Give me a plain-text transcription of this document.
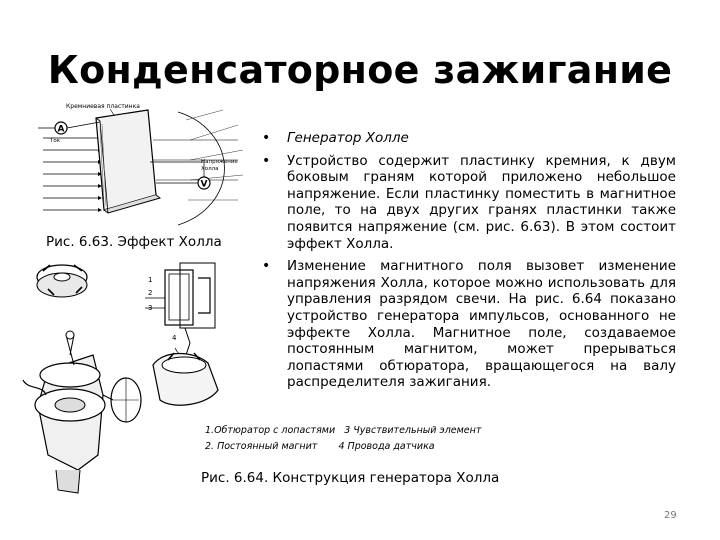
Конденсаторное зажигание
Кремниевая пластинка
A
Ток
V
Напряжение
Холла
Рис. 6.63. Эффект Холла
1
2
3
4
1.Обтюратор с лопастями 3 Чувствительный элемент
2. Постоянный магнит 4 Провода датчика
Рис. 6.64. Конструкция генератора Холла
• Генератор Холле
• Устройство содержит пластинку кремния, к двум боковым граням которой приложено небольшое напряжение. Если пластинку поместить в магнитное поле, то на двух других гранях пластинки также появится напряжение (см. рис. 6.63). В этом состоит эффект Холла.
• Изменение магнитного поля вызовет изменение напряжения Холла, которое можно использовать для управления разрядом свечи. На рис. 6.64 показано устройство генератора импульсов, основанного не эффекте Холла. Магнитное поле, создаваемое постоянным магнитом, может прерываться лопастями обтюратора, вращающегося на валу распределителя зажигания.
29
